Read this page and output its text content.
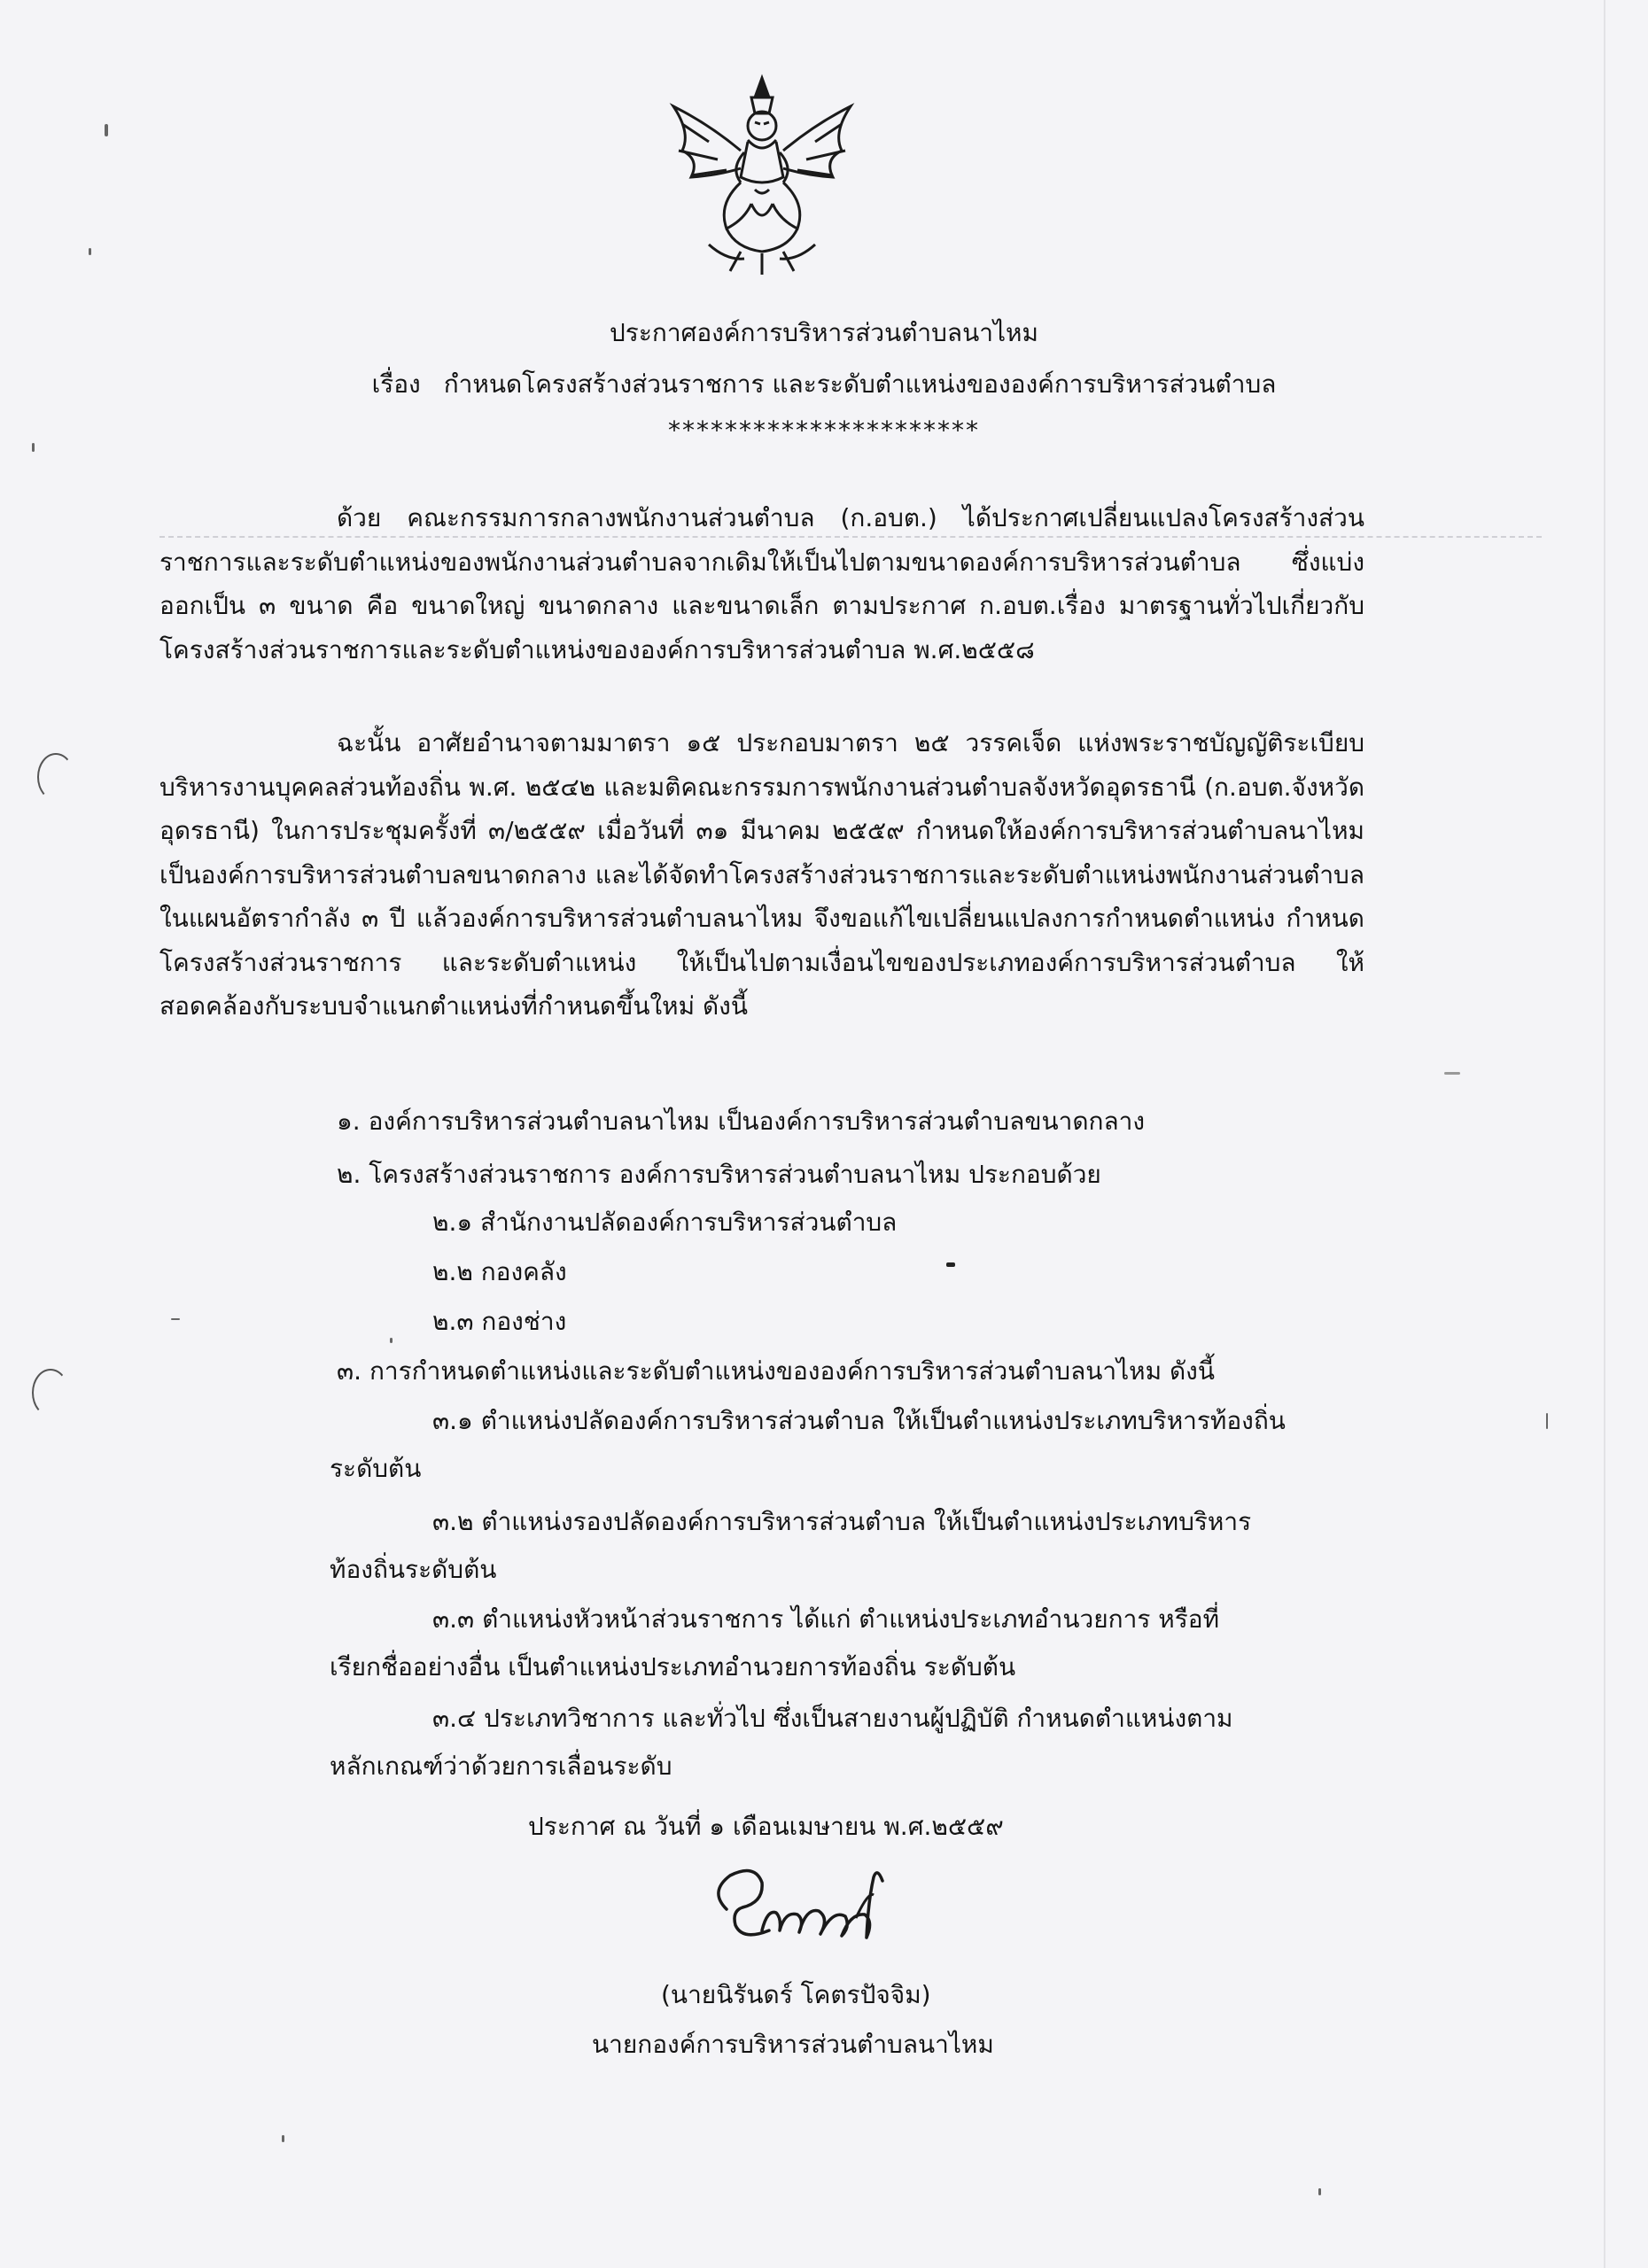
ประกาศองค์การบริหารส่วนตำบลนาไหม
เรื่อง กำหนดโครงสร้างส่วนราชการ และระดับตำแหน่งขององค์การบริหารส่วนตำบล
**********************

ด้วย คณะกรรมการกลางพนักงานส่วนตำบล (ก.อบต.) ได้ประกาศเปลี่ยนแปลงโครงสร้างส่วนราชการและระดับตำแหน่งของพนักงานส่วนตำบลจากเดิมให้เป็นไปตามขนาดองค์การบริหารส่วนตำบล ซึ่งแบ่งออกเป็น ๓ ขนาด คือ ขนาดใหญ่ ขนาดกลาง และขนาดเล็ก ตามประกาศ ก.อบต.เรื่อง มาตรฐานทั่วไปเกี่ยวกับโครงสร้างส่วนราชการและระดับตำแหน่งขององค์การบริหารส่วนตำบล พ.ศ.๒๕๕๘

ฉะนั้น อาศัยอำนาจตามมาตรา ๑๕ ประกอบมาตรา ๒๕ วรรคเจ็ด แห่งพระราชบัญญัติระเบียบบริหารงานบุคคลส่วนท้องถิ่น พ.ศ. ๒๕๔๒ และมติคณะกรรมการพนักงานส่วนตำบลจังหวัดอุดรธานี (ก.อบต.จังหวัดอุดรธานี) ในการประชุมครั้งที่ ๓/๒๕๕๙ เมื่อวันที่ ๓๑ มีนาคม ๒๕๕๙ กำหนดให้องค์การบริหารส่วนตำบลนาไหม เป็นองค์การบริหารส่วนตำบลขนาดกลาง และได้จัดทำโครงสร้างส่วนราชการและระดับตำแหน่งพนักงานส่วนตำบลในแผนอัตรากำลัง ๓ ปี แล้วองค์การบริหารส่วนตำบลนาไหม จึงขอแก้ไขเปลี่ยนแปลงการกำหนดตำแหน่ง กำหนดโครงสร้างส่วนราชการ และระดับตำแหน่ง ให้เป็นไปตามเงื่อนไขของประเภทองค์การบริหารส่วนตำบล ให้สอดคล้องกับระบบจำแนกตำแหน่งที่กำหนดขึ้นใหม่ ดังนี้

๑. องค์การบริหารส่วนตำบลนาไหม เป็นองค์การบริหารส่วนตำบลขนาดกลาง
๒. โครงสร้างส่วนราชการ องค์การบริหารส่วนตำบลนาไหม ประกอบด้วย
๒.๑ สำนักงานปลัดองค์การบริหารส่วนตำบล
๒.๒ กองคลัง
๒.๓ กองช่าง
๓. การกำหนดตำแหน่งและระดับตำแหน่งขององค์การบริหารส่วนตำบลนาไหม ดังนี้
๓.๑ ตำแหน่งปลัดองค์การบริหารส่วนตำบล ให้เป็นตำแหน่งประเภทบริหารท้องถิ่น
ระดับต้น
๓.๒ ตำแหน่งรองปลัดองค์การบริหารส่วนตำบล ให้เป็นตำแหน่งประเภทบริหาร
ท้องถิ่นระดับต้น
๓.๓ ตำแหน่งหัวหน้าส่วนราชการ ได้แก่ ตำแหน่งประเภทอำนวยการ หรือที่
เรียกชื่ออย่างอื่น เป็นตำแหน่งประเภทอำนวยการท้องถิ่น ระดับต้น
๓.๔ ประเภทวิชาการ และทั่วไป ซึ่งเป็นสายงานผู้ปฏิบัติ กำหนดตำแหน่งตาม
หลักเกณฑ์ว่าด้วยการเลื่อนระดับ
ประกาศ ณ วันที่ ๑ เดือนเมษายน พ.ศ.๒๕๕๙
(นายนิรันดร์ โคตรปัจจิม)
นายกองค์การบริหารส่วนตำบลนาไหม
